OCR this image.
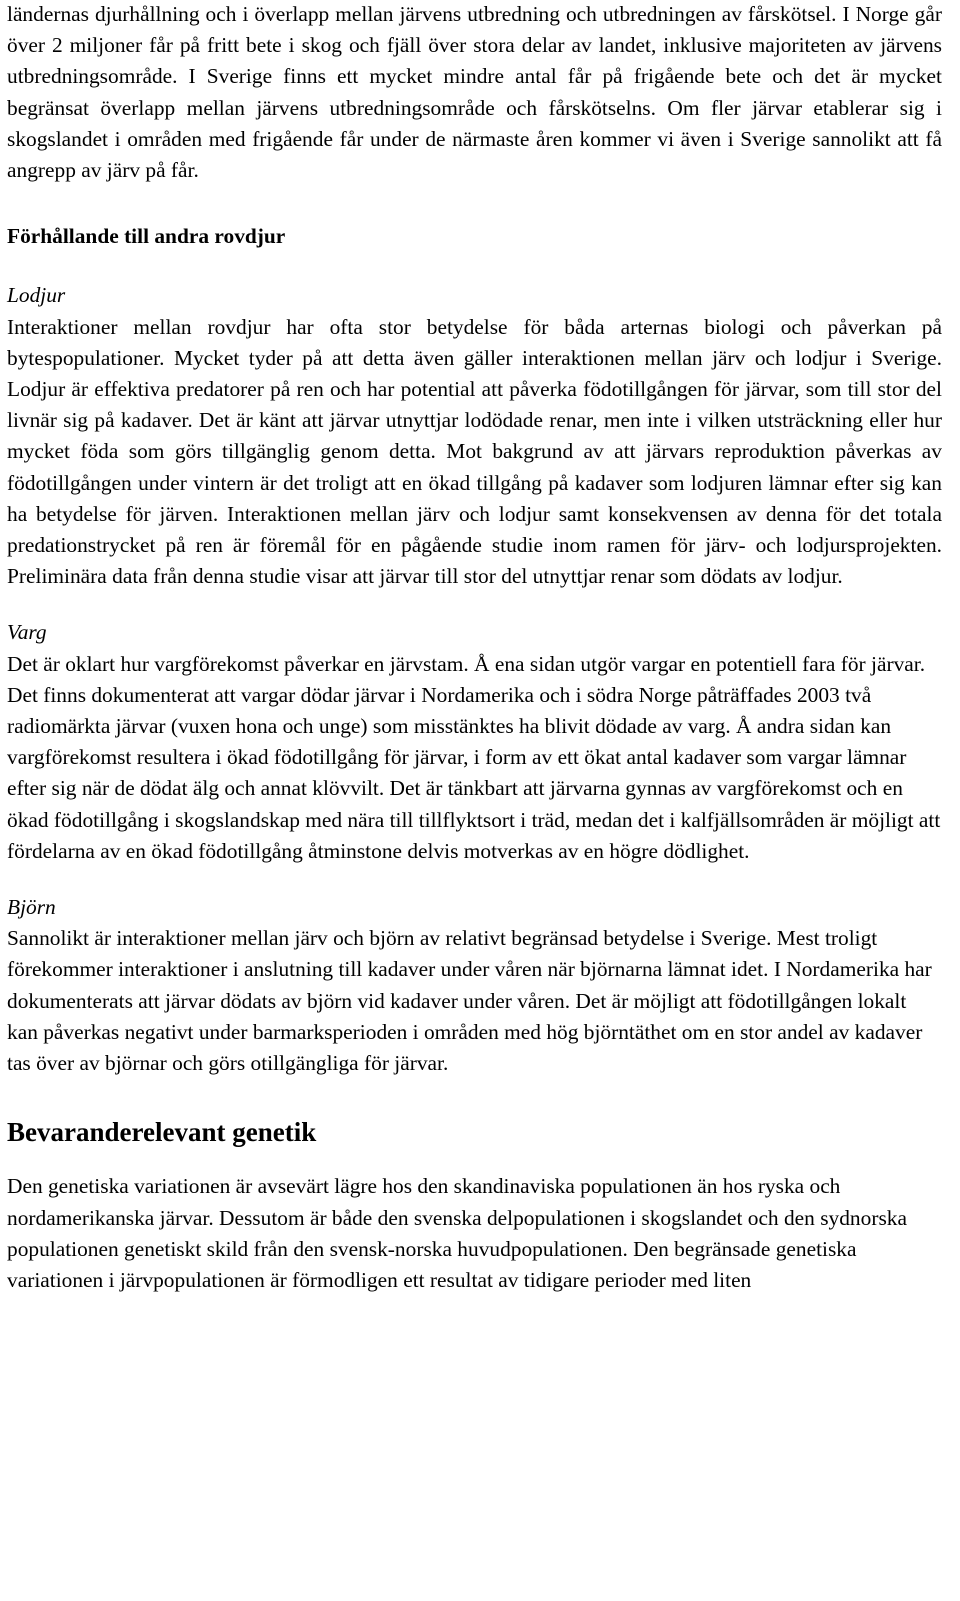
ländernas djurhållning och i överlapp mellan järvens utbredning och utbredningen av fårskötsel. I Norge går över 2 miljoner får på fritt bete i skog och fjäll över stora delar av landet, inklusive majoriteten av järvens utbredningsområde. I Sverige finns ett mycket mindre antal får på frigående bete och det är mycket begränsat överlapp mellan järvens utbredningsområde och fårskötselns. Om fler järvar etablerar sig i skogslandet i områden med frigående får under de närmaste åren kommer vi även i Sverige sannolikt att få angrepp av järv på får.

Förhållande till andra rovdjur
Lodjur

Interaktioner mellan rovdjur har ofta stor betydelse för båda arternas biologi och påverkan på bytespopulationer. Mycket tyder på att detta även gäller interaktionen mellan järv och lodjur i Sverige. Lodjur är effektiva predatorer på ren och har potential att påverka födotillgången för järvar, som till stor del livnär sig på kadaver. Det är känt att järvar utnyttjar lodödade renar, men inte i vilken utsträckning eller hur mycket föda som görs tillgänglig genom detta. Mot bakgrund av att järvars reproduktion påverkas av födotillgången under vintern är det troligt att en ökad tillgång på kadaver som lodjuren lämnar efter sig kan ha betydelse för järven. Interaktionen mellan järv och lodjur samt konsekvensen av denna för det totala predationstrycket på ren är föremål för en pågående studie inom ramen för järv- och lodjursprojekten. Preliminära data från denna studie visar att järvar till stor del utnyttjar renar som dödats av lodjur.

Varg

Det är oklart hur vargförekomst påverkar en järvstam. Å ena sidan utgör vargar en potentiell fara för järvar. Det finns dokumenterat att vargar dödar järvar i Nordamerika och i södra Norge påträffades 2003 två radiomärkta järvar (vuxen hona och unge) som misstänktes ha blivit dödade av varg. Å andra sidan kan vargförekomst resultera i ökad födotillgång för järvar, i form av ett ökat antal kadaver som vargar lämnar efter sig när de dödat älg och annat klövvilt. Det är tänkbart att järvarna gynnas av vargförekomst och en ökad födotillgång i skogslandskap med nära till tillflyktsort i träd, medan det i kalfjällsområden är möjligt att fördelarna av en ökad födotillgång åtminstone delvis motverkas av en högre dödlighet.

Björn

Sannolikt är interaktioner mellan järv och björn av relativt begränsad betydelse i Sverige. Mest troligt förekommer interaktioner i anslutning till kadaver under våren när björnarna lämnat idet. I Nordamerika har dokumenterats att järvar dödats av björn vid kadaver under våren. Det är möjligt att födotillgången lokalt kan påverkas negativt under barmarksperioden i områden med hög björntäthet om en stor andel av kadaver tas över av björnar och görs otillgängliga för järvar.

Bevaranderelevant genetik

Den genetiska variationen är avsevärt lägre hos den skandinaviska populationen än hos ryska och nordamerikanska järvar. Dessutom är både den svenska delpopulationen i skogslandet och den sydnorska populationen genetiskt skild från den svensk-norska huvudpopulationen. Den begränsade genetiska variationen i järvpopulationen är förmodligen ett resultat av tidigare perioder med liten
